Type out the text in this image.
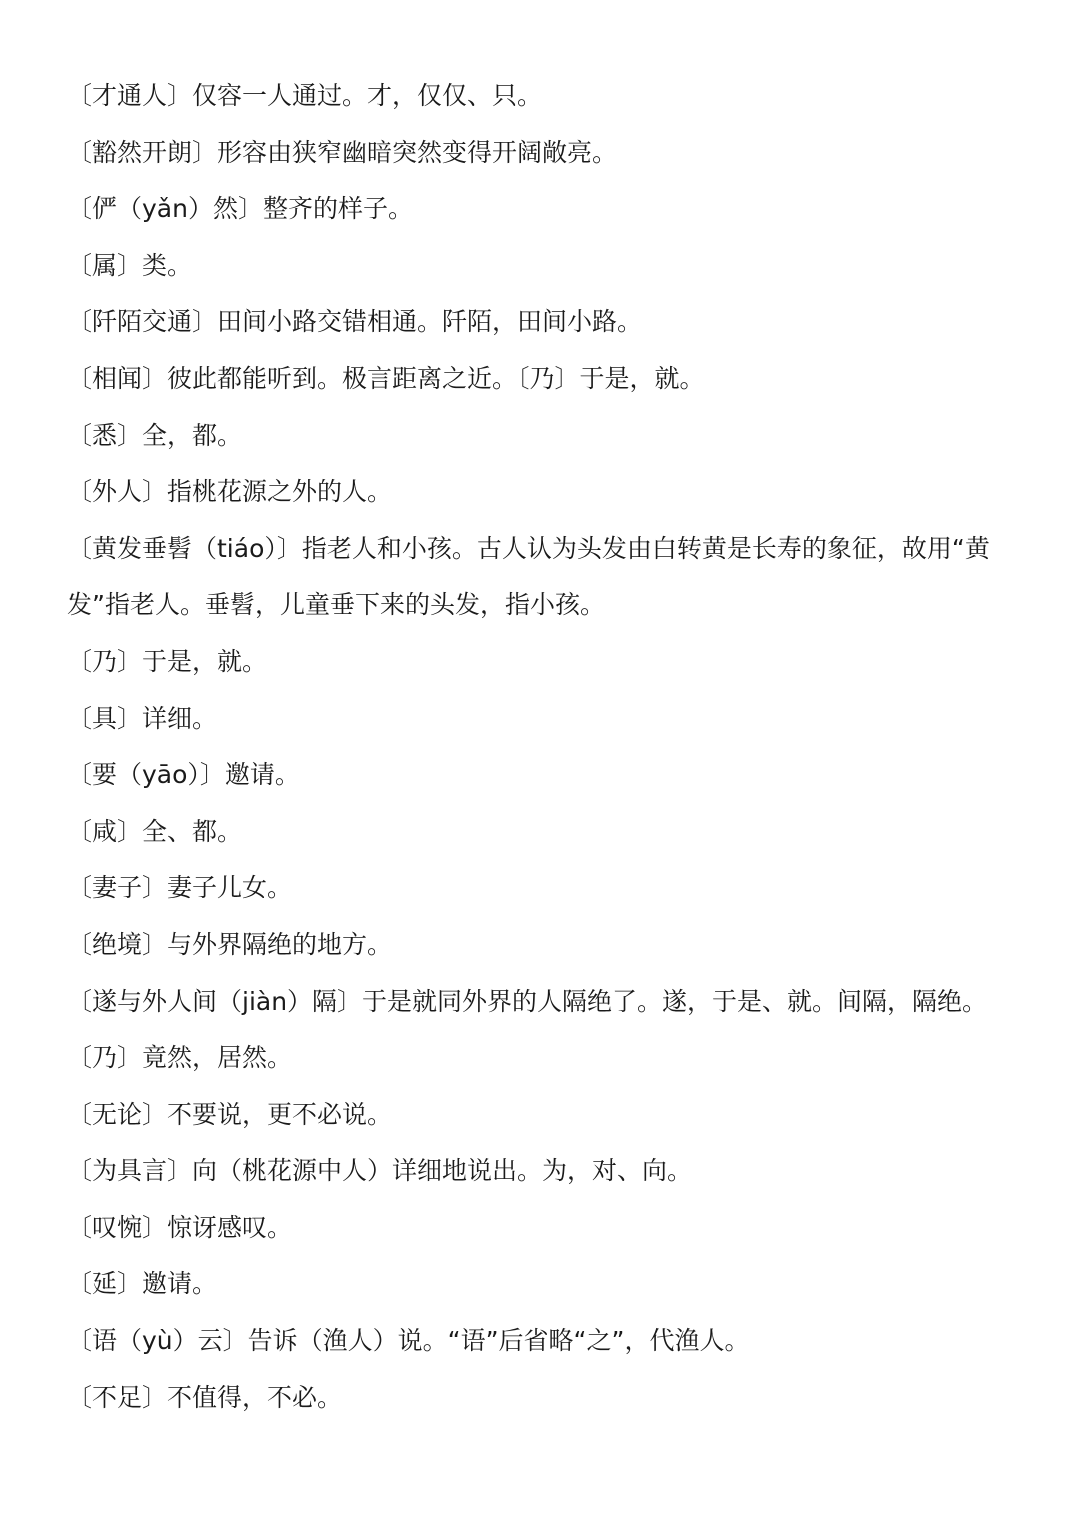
〔才通人〕仅容一人通过。才，仅仅、只。
〔豁然开朗〕形容由狭窄幽暗突然变得开阔敞亮。
〔俨（yǎn）然〕整齐的样子。
〔属〕类。
〔阡陌交通〕田间小路交错相通。阡陌，田间小路。
〔相闻〕彼此都能听到。极言距离之近。〔乃〕于是，就。
〔悉〕全，都。
〔外人〕指桃花源之外的人。
〔黄发垂髫（tiáo）〕指老人和小孩。古人认为头发由白转黄是长寿的象征，故用“黄发”指老人。垂髫，儿童垂下来的头发，指小孩。
〔乃〕于是，就。
〔具〕详细。
〔要（yāo）〕邀请。
〔咸〕全、都。
〔妻子〕妻子儿女。
〔绝境〕与外界隔绝的地方。
〔遂与外人间（jiàn）隔〕于是就同外界的人隔绝了。遂，于是、就。间隔，隔绝。
〔乃〕竟然，居然。
〔无论〕不要说，更不必说。
〔为具言〕向（桃花源中人）详细地说出。为，对、向。
〔叹惋〕惊讶感叹。
〔延〕邀请。
〔语（yù）云〕告诉（渔人）说。“语”后省略“之”，代渔人。
〔不足〕不值得，不必。
